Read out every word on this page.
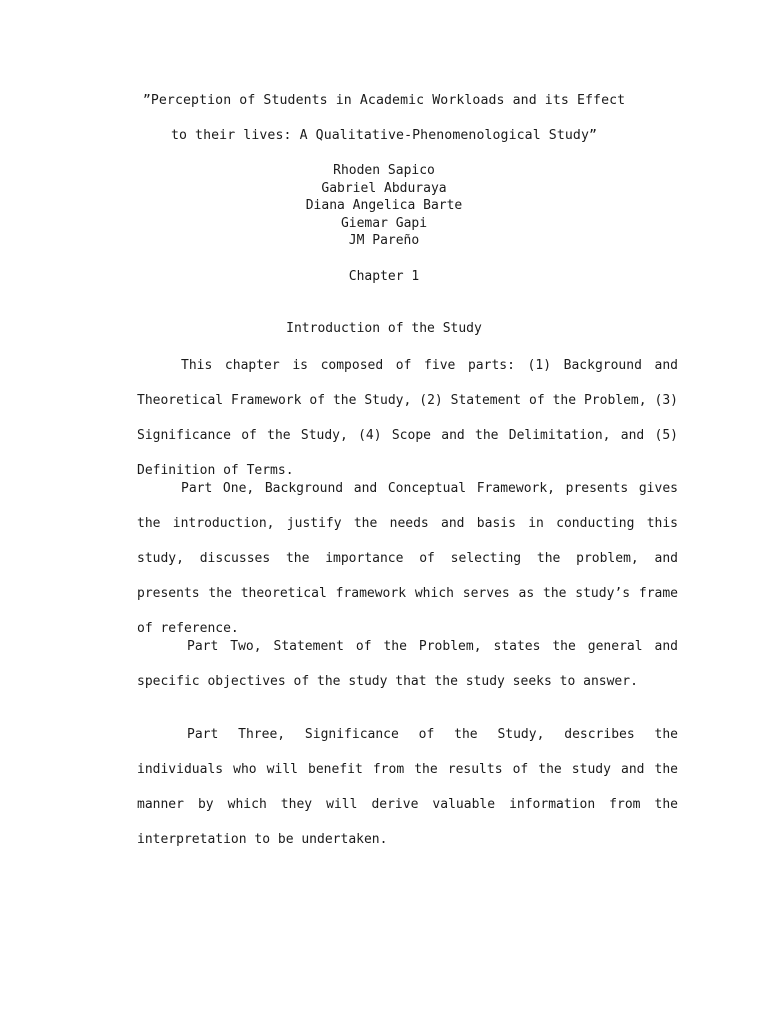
”Perception of Students in Academic Workloads and its Effect
to their lives: A Qualitative-Phenomenological Study”
Rhoden Sapico
Gabriel Abduraya
Diana Angelica Barte
Giemar Gapi
JM Pareño
Chapter 1
Introduction of the Study

This chapter is composed of five parts: (1) Background and Theoretical Framework of the Study, (2) Statement of the Problem, (3) Significance of the Study, (4) Scope and the Delimitation, and (5) Definition of Terms.

Part One, Background and Conceptual Framework, presents gives the introduction, justify the needs and basis in conducting this study, discusses the importance of selecting the problem, and presents the theoretical framework which serves as the study’s frame of reference.

Part Two, Statement of the Problem, states the general and specific objectives of the study that the study seeks to answer.

Part Three, Significance of the Study, describes the individuals who will benefit from the results of the study and the manner by which they will derive valuable information from the interpretation to be undertaken.
